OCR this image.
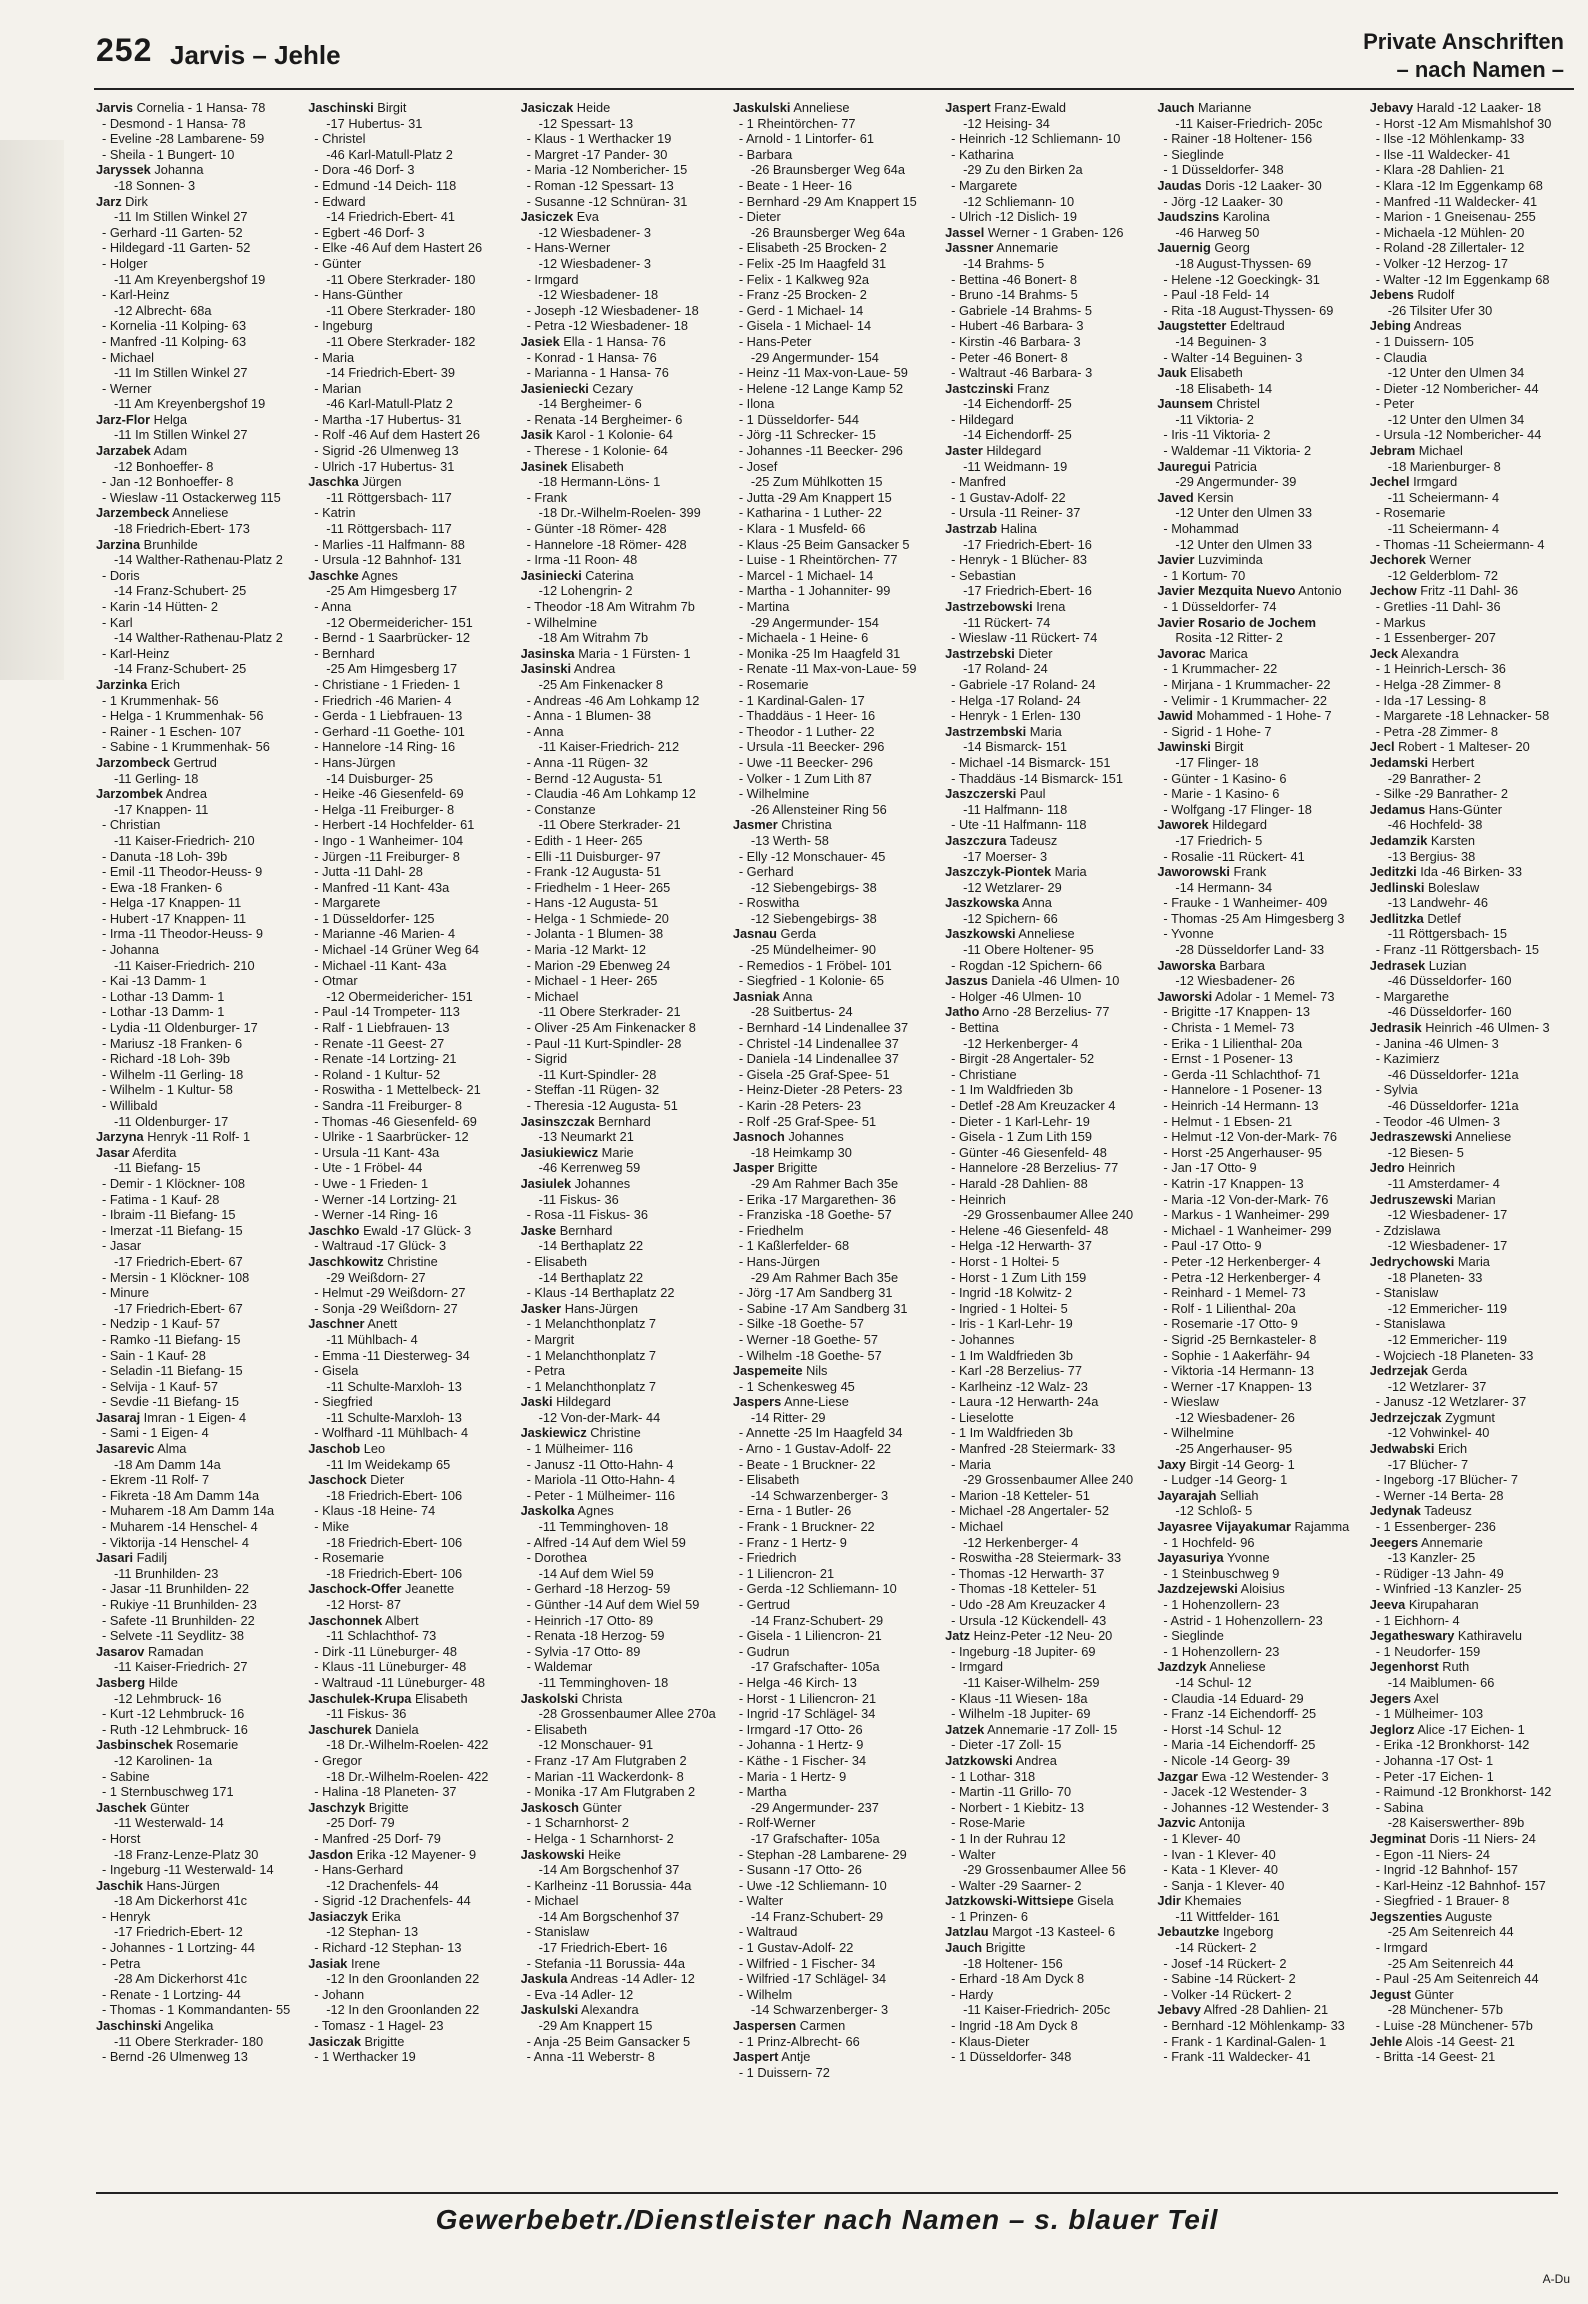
252 Jarvis – Jehle	Private Anschriften
– nach Namen –
Jarvis Cornelia - 1 Hansa- 78
- Desmond - 1 Hansa- 78
- Eveline -28 Lambarene- 59
- Sheila - 1 Bungert- 10
Jaryssek Johanna
-18 Sonnen- 3
Jarz Dirk
-11 Im Stillen Winkel 27
- Gerhard -11 Garten- 52
- Hildegard -11 Garten- 52
- Holger
-11 Am Kreyenbergshof 19
- Karl-Heinz
-12 Albrecht- 68a
- Kornelia -11 Kolping- 63
- Manfred -11 Kolping- 63
- Michael
-11 Im Stillen Winkel 27
- Werner
-11 Am Kreyenbergshof 19
Jarz-Flor Helga
-11 Im Stillen Winkel 27
Jarzabek Adam
-12 Bonhoeffer- 8
- Jan -12 Bonhoeffer- 8
- Wieslaw -11 Ostackerweg 115
Jarzembeck Anneliese
-18 Friedrich-Ebert- 173
Jarzina Brunhilde
-14 Walther-Rathenau-Platz 2
- Doris
-14 Franz-Schubert- 25
- Karin -14 Hütten- 2
- Karl
-14 Walther-Rathenau-Platz 2
- Karl-Heinz
-14 Franz-Schubert- 25
Jarzinka Erich
- 1 Krummenhak- 56
- Helga - 1 Krummenhak- 56
- Rainer - 1 Eschen- 107
- Sabine - 1 Krummenhak- 56
Jarzombeck Gertrud
-11 Gerling- 18
Jarzombek Andrea
-17 Knappen- 11
- Christian
-11 Kaiser-Friedrich- 210
- Danuta -18 Loh- 39b
- Emil -11 Theodor-Heuss- 9
- Ewa -18 Franken- 6
- Helga -17 Knappen- 11
- Hubert -17 Knappen- 11
- Irma -11 Theodor-Heuss- 9
- Johanna
-11 Kaiser-Friedrich- 210
- Kai -13 Damm- 1
- Lothar -13 Damm- 1
- Lothar -13 Damm- 1
- Lydia -11 Oldenburger- 17
- Mariusz -18 Franken- 6
- Richard -18 Loh- 39b
- Wilhelm -11 Gerling- 18
- Wilhelm - 1 Kultur- 58
- Willibald
-11 Oldenburger- 17
Jarzyna Henryk -11 Rolf- 1
Jasar Aferdita
-11 Biefang- 15
- Demir - 1 Klöckner- 108
- Fatima - 1 Kauf- 28
- Ibraim -11 Biefang- 15
- Imerzat -11 Biefang- 15
- Jasar
-17 Friedrich-Ebert- 67
- Mersin - 1 Klöckner- 108
- Minure
-17 Friedrich-Ebert- 67
- Nedzip - 1 Kauf- 57
- Ramko -11 Biefang- 15
- Sain - 1 Kauf- 28
- Seladin -11 Biefang- 15
- Selvija - 1 Kauf- 57
- Sevdie -11 Biefang- 15
Jasaraj Imran - 1 Eigen- 4
- Sami - 1 Eigen- 4
Jasarevic Alma
-18 Am Damm 14a
- Ekrem -11 Rolf- 7
- Fikreta -18 Am Damm 14a
- Muharem -18 Am Damm 14a
- Muharem -14 Henschel- 4
- Viktorija -14 Henschel- 4
Jasari Fadilj
-11 Brunhilden- 23
- Jasar -11 Brunhilden- 22
- Rukiye -11 Brunhilden- 23
- Safete -11 Brunhilden- 22
- Selvete -11 Seydlitz- 38
Jasarov Ramadan
-11 Kaiser-Friedrich- 27
Jasberg Hilde
-12 Lehmbruck- 16
- Kurt -12 Lehmbruck- 16
- Ruth -12 Lehmbruck- 16
Jasbinschek Rosemarie
-12 Karolinen- 1a
- Sabine
- 1 Sternbuschweg 171
Jaschek Günter
-11 Westerwald- 14
- Horst
-18 Franz-Lenze-Platz 30
- Ingeburg -11 Westerwald- 14
Jaschik Hans-Jürgen
-18 Am Dickerhorst 41c
- Henryk
-17 Friedrich-Ebert- 12
- Johannes - 1 Lortzing- 44
- Petra
-28 Am Dickerhorst 41c
- Renate - 1 Lortzing- 44
- Thomas - 1 Kommandanten- 55
Jaschinski Angelika
-11 Obere Sterkrader- 180
- Bernd -26 Ulmenweg 13
Jaschinski Birgit
-17 Hubertus- 31
- Christel
-46 Karl-Matull-Platz 2
- Dora -46 Dorf- 3
- Edmund -14 Deich- 118
- Edward
-14 Friedrich-Ebert- 41
- Egbert -46 Dorf- 3
- Elke -46 Auf dem Hastert 26
- Günter
-11 Obere Sterkrader- 180
- Hans-Günther
-11 Obere Sterkrader- 180
- Ingeburg
-11 Obere Sterkrader- 182
- Maria
-14 Friedrich-Ebert- 39
- Marian
-46 Karl-Matull-Platz 2
- Martha -17 Hubertus- 31
- Rolf -46 Auf dem Hastert 26
- Sigrid -26 Ulmenweg 13
- Ulrich -17 Hubertus- 31
Jaschka Jürgen
-11 Röttgersbach- 117
- Katrin
-11 Röttgersbach- 117
- Marlies -11 Halfmann- 88
- Ursula -12 Bahnhof- 131
Jaschke Agnes
-25 Am Himgesberg 17
- Anna
-12 Obermeidericher- 151
- Bernd - 1 Saarbrücker- 12
- Bernhard
-25 Am Himgesberg 17
- Christiane - 1 Frieden- 1
- Friedrich -46 Marien- 4
- Gerda - 1 Liebfrauen- 13
- Gerhard -11 Goethe- 101
- Hannelore -14 Ring- 16
- Hans-Jürgen
-14 Duisburger- 25
- Heike -46 Giesenfeld- 69
- Helga -11 Freiburger- 8
- Herbert -14 Hochfelder- 61
- Ingo - 1 Wanheimer- 104
- Jürgen -11 Freiburger- 8
- Jutta -11 Dahl- 28
- Manfred -11 Kant- 43a
- Margarete
- 1 Düsseldorfer- 125
- Marianne -46 Marien- 4
- Michael -14 Grüner Weg 64
- Michael -11 Kant- 43a
- Otmar
-12 Obermeidericher- 151
- Paul -14 Trompeter- 113
- Ralf - 1 Liebfrauen- 13
- Renate -11 Geest- 27
- Renate -14 Lortzing- 21
- Roland - 1 Kultur- 52
- Roswitha - 1 Mettelbeck- 21
- Sandra -11 Freiburger- 8
- Thomas -46 Giesenfeld- 69
- Ulrike - 1 Saarbrücker- 12
- Ursula -11 Kant- 43a
- Ute - 1 Fröbel- 44
- Uwe - 1 Frieden- 1
- Werner -14 Lortzing- 21
- Werner -14 Ring- 16
Jaschko Ewald -17 Glück- 3
- Waltraud -17 Glück- 3
Jaschkowitz Christine
-29 Weißdorn- 27
- Helmut -29 Weißdorn- 27
- Sonja -29 Weißdorn- 27
Jaschner Anett
-11 Mühlbach- 4
- Emma -11 Diesterweg- 34
- Gisela
-11 Schulte-Marxloh- 13
- Siegfried
-11 Schulte-Marxloh- 13
- Wolfhard -11 Mühlbach- 4
Jaschob Leo
-11 Im Weidekamp 65
Jaschock Dieter
-18 Friedrich-Ebert- 106
- Klaus -18 Heine- 74
- Mike
-18 Friedrich-Ebert- 106
- Rosemarie
-18 Friedrich-Ebert- 106
Jaschock-Offer Jeanette
-12 Horst- 87
Jaschonnek Albert
-11 Schlachthof- 73
- Dirk -11 Lüneburger- 48
- Klaus -11 Lüneburger- 48
- Waltraud -11 Lüneburger- 48
Jaschulek-Krupa Elisabeth
-11 Fiskus- 36
Jaschurek Daniela
-18 Dr.-Wilhelm-Roelen- 422
- Gregor
-18 Dr.-Wilhelm-Roelen- 422
- Halina -18 Planeten- 37
Jaschzyk Brigitte
-25 Dorf- 79
- Manfred -25 Dorf- 79
Jasdon Erika -12 Mayener- 9
- Hans-Gerhard
-12 Drachenfels- 44
- Sigrid -12 Drachenfels- 44
Jasiaczyk Erika
-12 Stephan- 13
- Richard -12 Stephan- 13
Jasiak Irene
-12 In den Groonlanden 22
- Johann
-12 In den Groonlanden 22
- Tomasz - 1 Hagel- 23
Jasiczak Brigitte
- 1 Werthacker 19
Jasiczak Heide
-12 Spessart- 13
- Klaus - 1 Werthacker 19
- Margret -17 Pander- 30
- Maria -12 Nombericher- 15
- Roman -12 Spessart- 13
- Susanne -12 Schnüran- 31
Jasiczek Eva
-12 Wiesbadener- 3
- Hans-Werner
-12 Wiesbadener- 3
- Irmgard
-12 Wiesbadener- 18
- Joseph -12 Wiesbadener- 18
- Petra -12 Wiesbadener- 18
Jasiek Ella - 1 Hansa- 76
- Konrad - 1 Hansa- 76
- Marianna - 1 Hansa- 76
Jasieniecki Cezary
-14 Bergheimer- 6
- Renata -14 Bergheimer- 6
Jasik Karol - 1 Kolonie- 64
- Therese - 1 Kolonie- 64
Jasinek Elisabeth
-18 Hermann-Löns- 1
- Frank
-18 Dr.-Wilhelm-Roelen- 399
- Günter -18 Römer- 428
- Hannelore -18 Römer- 428
- Irma -11 Roon- 48
Jasiniecki Caterina
-12 Lohengrin- 2
- Theodor -18 Am Witrahm 7b
- Wilhelmine
-18 Am Witrahm 7b
Jasinska Maria - 1 Fürsten- 1
Jasinski Andrea
-25 Am Finkenacker 8
- Andreas -46 Am Lohkamp 12
- Anna - 1 Blumen- 38
- Anna
-11 Kaiser-Friedrich- 212
- Anna -11 Rügen- 32
- Bernd -12 Augusta- 51
- Claudia -46 Am Lohkamp 12
- Constanze
-11 Obere Sterkrader- 21
- Edith - 1 Heer- 265
- Elli -11 Duisburger- 97
- Frank -12 Augusta- 51
- Friedhelm - 1 Heer- 265
- Hans -12 Augusta- 51
- Helga - 1 Schmiede- 20
- Jolanta - 1 Blumen- 38
- Maria -12 Markt- 12
- Marion -29 Ebenweg 24
- Michael - 1 Heer- 265
- Michael
-11 Obere Sterkrader- 21
- Oliver -25 Am Finkenacker 8
- Paul -11 Kurt-Spindler- 28
- Sigrid
-11 Kurt-Spindler- 28
- Steffan -11 Rügen- 32
- Theresia -12 Augusta- 51
Jasinszczak Bernhard
-13 Neumarkt 21
Jasiukiewicz Marie
-46 Kerrenweg 59
Jasiulek Johannes
-11 Fiskus- 36
- Rosa -11 Fiskus- 36
Jaske Bernhard
-14 Berthaplatz 22
- Elisabeth
-14 Berthaplatz 22
- Klaus -14 Berthaplatz 22
Jasker Hans-Jürgen
- 1 Melanchthonplatz 7
- Margrit
- 1 Melanchthonplatz 7
- Petra
- 1 Melanchthonplatz 7
Jaski Hildegard
-12 Von-der-Mark- 44
Jaskiewicz Christine
- 1 Mülheimer- 116
- Janusz -11 Otto-Hahn- 4
- Mariola -11 Otto-Hahn- 4
- Peter - 1 Mülheimer- 116
Jaskolka Agnes
-11 Temminghoven- 18
- Alfred -14 Auf dem Wiel 59
- Dorothea
-14 Auf dem Wiel 59
- Gerhard -18 Herzog- 59
- Günther -14 Auf dem Wiel 59
- Heinrich -17 Otto- 89
- Renata -18 Herzog- 59
- Sylvia -17 Otto- 89
- Waldemar
-11 Temminghoven- 18
Jaskolski Christa
-28 Grossenbaumer Allee 270a
- Elisabeth
-12 Monschauer- 91
- Franz -17 Am Flutgraben 2
- Marian -11 Wackerdonk- 8
- Monika -17 Am Flutgraben 2
Jaskosch Günter
- 1 Scharnhorst- 2
- Helga - 1 Scharnhorst- 2
Jaskowski Heike
-14 Am Borgschenhof 37
- Karlheinz -11 Borussia- 44a
- Michael
-14 Am Borgschenhof 37
- Stanislaw
-17 Friedrich-Ebert- 16
- Stefania -11 Borussia- 44a
Jaskula Andreas -14 Adler- 12
- Eva -14 Adler- 12
Jaskulski Alexandra
-29 Am Knappert 15
- Anja -25 Beim Gansacker 5
- Anna -11 Weberstr- 8
Jaskulski Anneliese
- 1 Rheintörchen- 77
- Arnold - 1 Lintorfer- 61
- Barbara
-26 Braunsberger Weg 64a
- Beate - 1 Heer- 16
- Bernhard -29 Am Knappert 15
- Dieter
-26 Braunsberger Weg 64a
- Elisabeth -25 Brocken- 2
- Felix -25 Im Haagfeld 31
- Felix - 1 Kalkweg 92a
- Franz -25 Brocken- 2
- Gerd - 1 Michael- 14
- Gisela - 1 Michael- 14
- Hans-Peter
-29 Angermunder- 154
- Heinz -11 Max-von-Laue- 59
- Helene -12 Lange Kamp 52
- Ilona
- 1 Düsseldorfer- 544
- Jörg -11 Schrecker- 15
- Johannes -11 Beecker- 296
- Josef
-25 Zum Mühlkotten 15
- Jutta -29 Am Knappert 15
- Katharina - 1 Luther- 22
- Klara - 1 Musfeld- 66
- Klaus -25 Beim Gansacker 5
- Luise - 1 Rheintörchen- 77
- Marcel - 1 Michael- 14
- Martha - 1 Johanniter- 99
- Martina
-29 Angermunder- 154
- Michaela - 1 Heine- 6
- Monika -25 Im Haagfeld 31
- Renate -11 Max-von-Laue- 59
- Rosemarie
- 1 Kardinal-Galen- 17
- Thaddäus - 1 Heer- 16
- Theodor - 1 Luther- 22
- Ursula -11 Beecker- 296
- Uwe -11 Beecker- 296
- Volker - 1 Zum Lith 87
- Wilhelmine
-26 Allensteiner Ring 56
Jasmer Christina
-13 Werth- 58
- Elly -12 Monschauer- 45
- Gerhard
-12 Siebengebirgs- 38
- Roswitha
-12 Siebengebirgs- 38
Jasnau Gerda
-25 Mündelheimer- 90
- Remedios - 1 Fröbel- 101
- Siegfried - 1 Kolonie- 65
Jasniak Anna
-28 Suitbertus- 24
- Bernhard -14 Lindenallee 37
- Christel -14 Lindenallee 37
- Daniela -14 Lindenallee 37
- Gisela -25 Graf-Spee- 51
- Heinz-Dieter -28 Peters- 23
- Karin -28 Peters- 23
- Rolf -25 Graf-Spee- 51
Jasnoch Johannes
-18 Heimkamp 30
Jasper Brigitte
-29 Am Rahmer Bach 35e
- Erika -17 Margarethen- 36
- Franziska -18 Goethe- 57
- Friedhelm
- 1 Kaßlerfelder- 68
- Hans-Jürgen
-29 Am Rahmer Bach 35e
- Jörg -17 Am Sandberg 31
- Sabine -17 Am Sandberg 31
- Silke -18 Goethe- 57
- Werner -18 Goethe- 57
- Wilhelm -18 Goethe- 57
Jaspemeite Nils
- 1 Schenkesweg 45
Jaspers Anne-Liese
-14 Ritter- 29
- Annette -25 Im Haagfeld 34
- Arno - 1 Gustav-Adolf- 22
- Beate - 1 Bruckner- 22
- Elisabeth
-14 Schwarzenberger- 3
- Erna - 1 Butler- 26
- Frank - 1 Bruckner- 22
- Franz - 1 Hertz- 9
- Friedrich
- 1 Liliencron- 21
- Gerda -12 Schliemann- 10
- Gertrud
-14 Franz-Schubert- 29
- Gisela - 1 Liliencron- 21
- Gudrun
-17 Grafschafter- 105a
- Helga -46 Kirch- 13
- Horst - 1 Liliencron- 21
- Ingrid -17 Schlägel- 34
- Irmgard -17 Otto- 26
- Johanna - 1 Hertz- 9
- Käthe - 1 Fischer- 34
- Maria - 1 Hertz- 9
- Martha
-29 Angermunder- 237
- Rolf-Werner
-17 Grafschafter- 105a
- Stephan -28 Lambarene- 29
- Susann -17 Otto- 26
- Uwe -12 Schliemann- 10
- Walter
-14 Franz-Schubert- 29
- Waltraud
- 1 Gustav-Adolf- 22
- Wilfried - 1 Fischer- 34
- Wilfried -17 Schlägel- 34
- Wilhelm
-14 Schwarzenberger- 3
Jaspersen Carmen
- 1 Prinz-Albrecht- 66
Jaspert Antje
- 1 Duissern- 72
Jaspert Franz-Ewald
-12 Heising- 34
- Heinrich -12 Schliemann- 10
- Katharina
-29 Zu den Birken 2a
- Margarete
-12 Schliemann- 10
- Ulrich -12 Dislich- 19
Jassel Werner - 1 Graben- 126
Jassner Annemarie
-14 Brahms- 5
- Bettina -46 Bonert- 8
- Bruno -14 Brahms- 5
- Gabriele -14 Brahms- 5
- Hubert -46 Barbara- 3
- Kirstin -46 Barbara- 3
- Peter -46 Bonert- 8
- Waltraut -46 Barbara- 3
Jastczinski Franz
-14 Eichendorff- 25
- Hildegard
-14 Eichendorff- 25
Jaster Hildegard
-11 Weidmann- 19
- Manfred
- 1 Gustav-Adolf- 22
- Ursula -11 Reiner- 37
Jastrzab Halina
-17 Friedrich-Ebert- 16
- Henryk - 1 Blücher- 83
- Sebastian
-17 Friedrich-Ebert- 16
Jastrzebowski Irena
-11 Rückert- 74
- Wieslaw -11 Rückert- 74
Jastrzebski Dieter
-17 Roland- 24
- Gabriele -17 Roland- 24
- Helga -17 Roland- 24
- Henryk - 1 Erlen- 130
Jastrzembski Maria
-14 Bismarck- 151
- Michael -14 Bismarck- 151
- Thaddäus -14 Bismarck- 151
Jaszczerski Paul
-11 Halfmann- 118
- Ute -11 Halfmann- 118
Jaszczura Tadeusz
-17 Moerser- 3
Jaszczyk-Piontek Maria
-12 Wetzlarer- 29
Jaszkowska Anna
-12 Spichern- 66
Jaszkowski Anneliese
-11 Obere Holtener- 95
- Rogdan -12 Spichern- 66
Jaszus Daniela -46 Ulmen- 10
- Holger -46 Ulmen- 10
Jatho Arno -28 Berzelius- 77
- Bettina
-12 Herkenberger- 4
- Birgit -28 Angertaler- 52
- Christiane
- 1 Im Waldfrieden 3b
- Detlef -28 Am Kreuzacker 4
- Dieter - 1 Karl-Lehr- 19
- Gisela - 1 Zum Lith 159
- Günter -46 Giesenfeld- 48
- Hannelore -28 Berzelius- 77
- Harald -28 Dahlien- 88
- Heinrich
-29 Grossenbaumer Allee 240
- Helene -46 Giesenfeld- 48
- Helga -12 Herwarth- 37
- Horst - 1 Holtei- 5
- Horst - 1 Zum Lith 159
- Ingrid -18 Kolwitz- 2
- Ingried - 1 Holtei- 5
- Iris - 1 Karl-Lehr- 19
- Johannes
- 1 Im Waldfrieden 3b
- Karl -28 Berzelius- 77
- Karlheinz -12 Walz- 23
- Laura -12 Herwarth- 24a
- Lieselotte
- 1 Im Waldfrieden 3b
- Manfred -28 Steiermark- 33
- Maria
-29 Grossenbaumer Allee 240
- Marion -18 Ketteler- 51
- Michael -28 Angertaler- 52
- Michael
-12 Herkenberger- 4
- Roswitha -28 Steiermark- 33
- Thomas -12 Herwarth- 37
- Thomas -18 Ketteler- 51
- Udo -28 Am Kreuzacker 4
- Ursula -12 Kückendell- 43
Jatz Heinz-Peter -12 Neu- 20
- Ingeburg -18 Jupiter- 69
- Irmgard
-11 Kaiser-Wilhelm- 259
- Klaus -11 Wiesen- 18a
- Wilhelm -18 Jupiter- 69
Jatzek Annemarie -17 Zoll- 15
- Dieter -17 Zoll- 15
Jatzkowski Andrea
- 1 Lothar- 318
- Martin -11 Grillo- 70
- Norbert - 1 Kiebitz- 13
- Rose-Marie
- 1 In der Ruhrau 12
- Walter
-29 Grossenbaumer Allee 56
- Walter -29 Saarner- 2
Jatzkowski-Wittsiepe Gisela
- 1 Prinzen- 6
Jatzlau Margot -13 Kasteel- 6
Jauch Brigitte
-18 Holtener- 156
- Erhard -18 Am Dyck 8
- Hardy
-11 Kaiser-Friedrich- 205c
- Ingrid -18 Am Dyck 8
- Klaus-Dieter
- 1 Düsseldorfer- 348
Jauch Marianne
-11 Kaiser-Friedrich- 205c
- Rainer -18 Holtener- 156
- Sieglinde
- 1 Düsseldorfer- 348
Jaudas Doris -12 Laaker- 30
- Jörg -12 Laaker- 30
Jaudszins Karolina
-46 Harweg 50
Jauernig Georg
-18 August-Thyssen- 69
- Helene -12 Goeckingk- 31
- Paul -18 Feld- 14
- Rita -18 August-Thyssen- 69
Jaugstetter Edeltraud
-14 Beguinen- 3
- Walter -14 Beguinen- 3
Jauk Elisabeth
-18 Elisabeth- 14
Jaunsem Christel
-11 Viktoria- 2
- Iris -11 Viktoria- 2
- Waldemar -11 Viktoria- 2
Jauregui Patricia
-29 Angermunder- 39
Javed Kersin
-12 Unter den Ulmen 33
- Mohammad
-12 Unter den Ulmen 33
Javier Luzviminda
- 1 Kortum- 70
Javier Mezquita Nuevo Antonio
- 1 Düsseldorfer- 74
Javier Rosario de Jochem
Rosita -12 Ritter- 2
Javorac Marica
- 1 Krummacher- 22
- Mirjana - 1 Krummacher- 22
- Velimir - 1 Krummacher- 22
Jawid Mohammed - 1 Hohe- 7
- Sigrid - 1 Hohe- 7
Jawinski Birgit
-17 Flinger- 18
- Günter - 1 Kasino- 6
- Marie - 1 Kasino- 6
- Wolfgang -17 Flinger- 18
Jaworek Hildegard
-17 Friedrich- 5
- Rosalie -11 Rückert- 41
Jaworowski Frank
-14 Hermann- 34
- Frauke - 1 Wanheimer- 409
- Thomas -25 Am Himgesberg 3
- Yvonne
-28 Düsseldorfer Land- 33
Jaworska Barbara
-12 Wiesbadener- 26
Jaworski Adolar - 1 Memel- 73
- Brigitte -17 Knappen- 13
- Christa - 1 Memel- 73
- Erika - 1 Lilienthal- 20a
- Ernst - 1 Posener- 13
- Gerda -11 Schlachthof- 71
- Hannelore - 1 Posener- 13
- Heinrich -14 Hermann- 13
- Helmut - 1 Ebsen- 21
- Helmut -12 Von-der-Mark- 76
- Horst -25 Angerhauser- 95
- Jan -17 Otto- 9
- Katrin -17 Knappen- 13
- Maria -12 Von-der-Mark- 76
- Markus - 1 Wanheimer- 299
- Michael - 1 Wanheimer- 299
- Paul -17 Otto- 9
- Peter -12 Herkenberger- 4
- Petra -12 Herkenberger- 4
- Reinhard - 1 Memel- 73
- Rolf - 1 Lilienthal- 20a
- Rosemarie -17 Otto- 9
- Sigrid -25 Bernkasteler- 8
- Sophie - 1 Aakerfähr- 94
- Viktoria -14 Hermann- 13
- Werner -17 Knappen- 13
- Wieslaw
-12 Wiesbadener- 26
- Wilhelmine
-25 Angerhauser- 95
Jaxy Birgit -14 Georg- 1
- Ludger -14 Georg- 1
Jayarajah Selliah
-12 Schloß- 5
Jayasree Vijayakumar Rajamma
- 1 Hochfeld- 96
Jayasuriya Yvonne
- 1 Steinbuschweg 9
Jazdzejewski Aloisius
- 1 Hohenzollern- 23
- Astrid - 1 Hohenzollern- 23
- Sieglinde
- 1 Hohenzollern- 23
Jazdzyk Anneliese
-14 Schul- 12
- Claudia -14 Eduard- 29
- Franz -14 Eichendorff- 25
- Horst -14 Schul- 12
- Maria -14 Eichendorff- 25
- Nicole -14 Georg- 39
Jazgar Ewa -12 Westender- 3
- Jacek -12 Westender- 3
- Johannes -12 Westender- 3
Jazvic Antonija
- 1 Klever- 40
- Ivan - 1 Klever- 40
- Kata - 1 Klever- 40
- Sanja - 1 Klever- 40
Jdir Khemaies
-11 Wittfelder- 161
Jebautzke Ingeborg
-14 Rückert- 2
- Josef -14 Rückert- 2
- Sabine -14 Rückert- 2
- Volker -14 Rückert- 2
Jebavy Alfred -28 Dahlien- 21
- Bernhard -12 Möhlenkamp- 33
- Frank - 1 Kardinal-Galen- 1
- Frank -11 Waldecker- 41
Jebavy Harald -12 Laaker- 18
- Horst -12 Am Mismahlshof 30
- Ilse -12 Möhlenkamp- 33
- Ilse -11 Waldecker- 41
- Klara -28 Dahlien- 21
- Klara -12 Im Eggenkamp 68
- Manfred -11 Waldecker- 41
- Marion - 1 Gneisenau- 255
- Michaela -12 Mühlen- 20
- Roland -28 Zillertaler- 12
- Volker -12 Herzog- 17
- Walter -12 Im Eggenkamp 68
Jebens Rudolf
-26 Tilsiter Ufer 30
Jebing Andreas
- 1 Duissern- 105
- Claudia
-12 Unter den Ulmen 34
- Dieter -12 Nombericher- 44
- Peter
-12 Unter den Ulmen 34
- Ursula -12 Nombericher- 44
Jebram Michael
-18 Marienburger- 8
Jechel Irmgard
-11 Scheiermann- 4
- Rosemarie
-11 Scheiermann- 4
- Thomas -11 Scheiermann- 4
Jechorek Werner
-12 Gelderblom- 72
Jechow Fritz -11 Dahl- 36
- Gretlies -11 Dahl- 36
- Markus
- 1 Essenberger- 207
Jeck Alexandra
- 1 Heinrich-Lersch- 36
- Helga -28 Zimmer- 8
- Ida -17 Lessing- 8
- Margarete -18 Lehnacker- 58
- Petra -28 Zimmer- 8
Jecl Robert - 1 Malteser- 20
Jedamski Herbert
-29 Banrather- 2
- Silke -29 Banrather- 2
Jedamus Hans-Günter
-46 Hochfeld- 38
Jedamzik Karsten
-13 Bergius- 38
Jeditzki Ida -46 Birken- 33
Jedlinski Boleslaw
-13 Landwehr- 46
Jedlitzka Detlef
-11 Röttgersbach- 15
- Franz -11 Röttgersbach- 15
Jedrasek Luzian
-46 Düsseldorfer- 160
- Margarethe
-46 Düsseldorfer- 160
Jedrasik Heinrich -46 Ulmen- 3
- Janina -46 Ulmen- 3
- Kazimierz
-46 Düsseldorfer- 121a
- Sylvia
-46 Düsseldorfer- 121a
- Teodor -46 Ulmen- 3
Jedraszewski Anneliese
-12 Biesen- 5
Jedro Heinrich
-11 Amsterdamer- 4
Jedruszewski Marian
-12 Wiesbadener- 17
- Zdzislawa
-12 Wiesbadener- 17
Jedrychowski Maria
-18 Planeten- 33
- Stanislaw
-12 Emmericher- 119
- Stanislawa
-12 Emmericher- 119
- Wojciech -18 Planeten- 33
Jedrzejak Gerda
-12 Wetzlarer- 37
- Janusz -12 Wetzlarer- 37
Jedrzejczak Zygmunt
-12 Vohwinkel- 40
Jedwabski Erich
-17 Blücher- 7
- Ingeborg -17 Blücher- 7
- Werner -14 Berta- 28
Jedynak Tadeusz
- 1 Essenberger- 236
Jeegers Annemarie
-13 Kanzler- 25
- Rüdiger -13 Jahn- 49
- Winfried -13 Kanzler- 25
Jeeva Kirupaharan
- 1 Eichhorn- 4
Jegatheswary Kathiravelu
- 1 Neudorfer- 159
Jegenhorst Ruth
-14 Maiblumen- 66
Jegers Axel
- 1 Mülheimer- 103
Jeglorz Alice -17 Eichen- 1
- Erika -12 Bronkhorst- 142
- Johanna -17 Ost- 1
- Peter -17 Eichen- 1
- Raimund -12 Bronkhorst- 142
- Sabina
-28 Kaiserswerther- 89b
Jegminat Doris -11 Niers- 24
- Egon -11 Niers- 24
- Ingrid -12 Bahnhof- 157
- Karl-Heinz -12 Bahnhof- 157
- Siegfried - 1 Brauer- 8
Jegszenties Auguste
-25 Am Seitenreich 44
- Irmgard
-25 Am Seitenreich 44
- Paul -25 Am Seitenreich 44
Jegust Günter
-28 Münchener- 57b
- Luise -28 Münchener- 57b
Jehle Alois -14 Geest- 21
- Britta -14 Geest- 21
Gewerbebetr./Dienstleister nach Namen – s. blauer Teil
A-Du
